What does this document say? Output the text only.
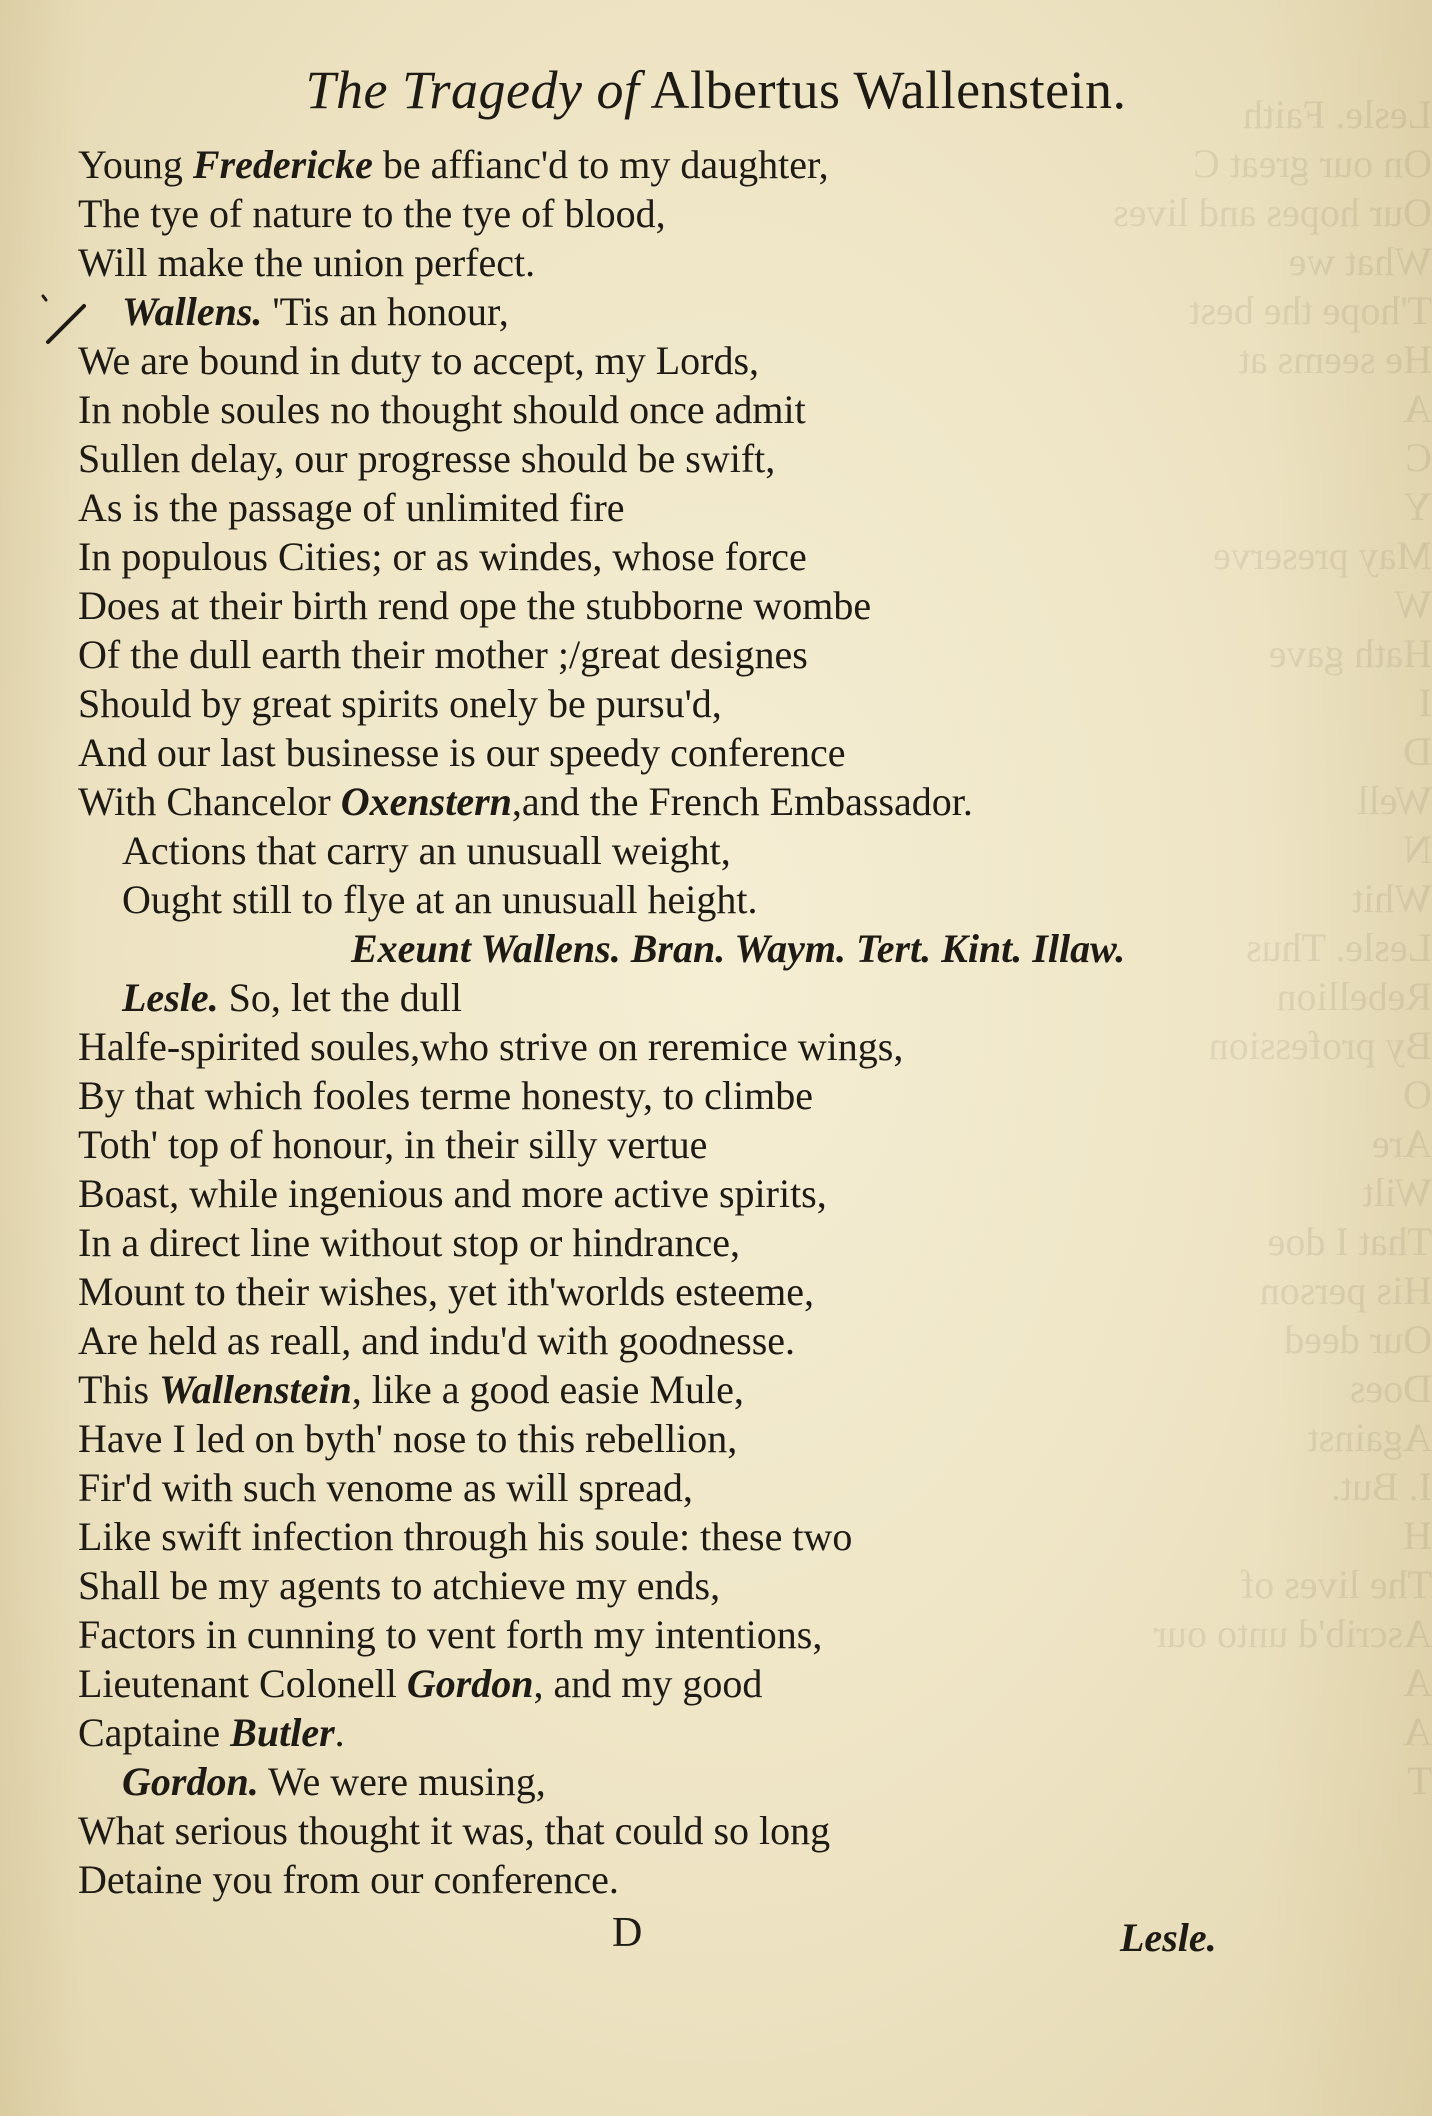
Lesle. Faith
On our great C
Our hopes and lives
What we
T'hope the best
He seems at
A
C
Y
May preserve
W
Hath gave
I
D
Well
N
Whit
Lesle. Thus
Rebellion
By profession
O
Are
Wilt
That I doe
His person
Our deed
Does
Against
I. But.
H
The lives of
Ascrib'd unto our
A
A
T
The Tragedy of Albertus Wallenstein.
Young Fredericke be affianc'd to my daughter,
The tye of nature to the tye of blood,
Will make the union perfect.
Wallens. 'Tis an honour,
We are bound in duty to accept, my Lords,
In noble soules no thought should once admit
Sullen delay, our progresse should be swift,
As is the passage of unlimited fire
In populous Cities; or as windes, whose force
Does at their birth rend ope the stubborne wombe
Of the dull earth their mother ;/great designes
Should by great spirits onely be pursu'd,
And our last businesse is our speedy conference
With Chancelor Oxenstern,and the French Embassador.
Actions that carry an unusuall weight,
Ought still to flye at an unusuall height.
Exeunt Wallens. Bran. Waym. Tert. Kint. Illaw.
Lesle. So, let the dull
Halfe-spirited soules,who strive on reremice wings,
By that which fooles terme honesty, to climbe
Toth' top of honour, in their silly vertue
Boast, while ingenious and more active spirits,
In a direct line without stop or hindrance,
Mount to their wishes, yet ith'worlds esteeme,
Are held as reall, and indu'd with goodnesse.
This Wallenstein, like a good easie Mule,
Have I led on byth' nose to this rebellion,
Fir'd with such venome as will spread,
Like swift infection through his soule: these two
Shall be my agents to atchieve my ends,
Factors in cunning to vent forth my intentions,
Lieutenant Colonell Gordon, and my good
Captaine Butler.
Gordon. We were musing,
What serious thought it was, that could so long
Detaine you from our conference.
D	Lesle.
